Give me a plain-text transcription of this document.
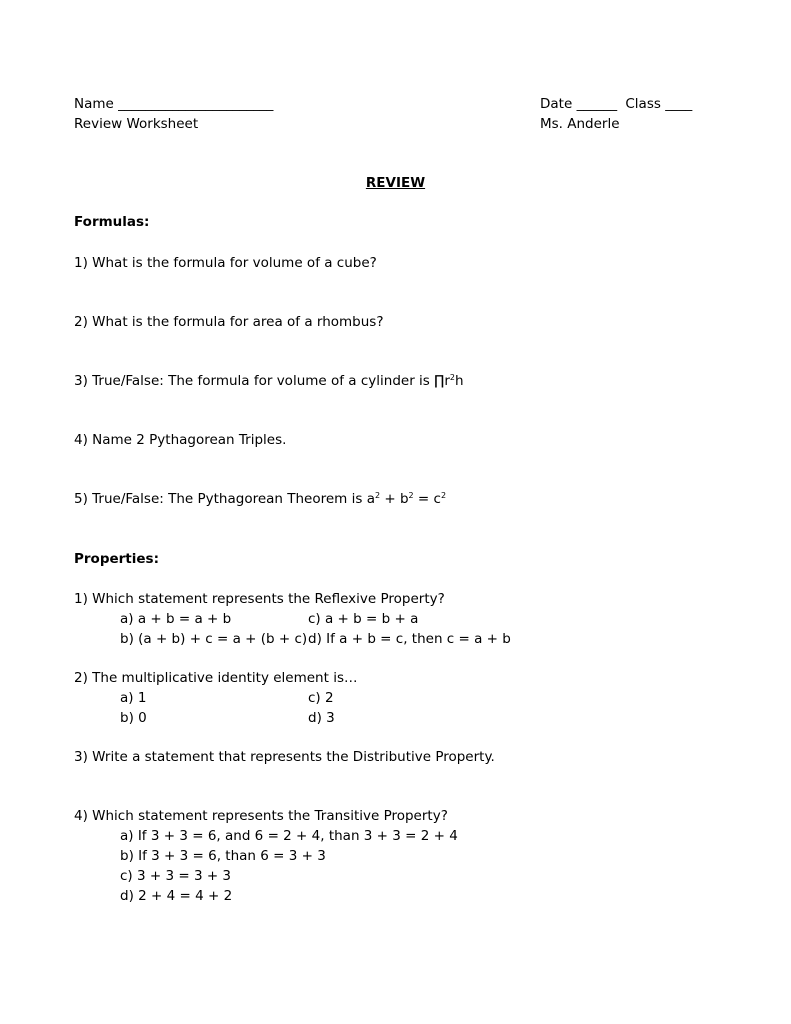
Name _______________________
Review Worksheet
Date ______ Class ____
Ms. Anderle
REVIEW
Formulas:
1) What is the formula for volume of a cube?
2) What is the formula for area of a rhombus?
3) True/False: The formula for volume of a cylinder is $\prod r^2h$
4) Name 2 Pythagorean Triples.
5) True/False: The Pythagorean Theorem is $a^2 + b^2 = c^2$
Properties:
1) Which statement represents the Reflexive Property?
a) a + b = a + b	c) a + b = b + a
b) (a + b) + c = a + (b + c) d) If a + b = c, then c = a + b
2) The multiplicative identity element is…
a) 1	c) 2
b) 0	d) 3
3) Write a statement that represents the Distributive Property.
4) Which statement represents the Transitive Property?
a) If 3 + 3 = 6, and 6 = 2 + 4, than 3 + 3 = 2 + 4
b) If 3 + 3 = 6, than 6 = 3 + 3
c) 3 + 3 = 3 + 3
d) 2 + 4 = 4 + 2
